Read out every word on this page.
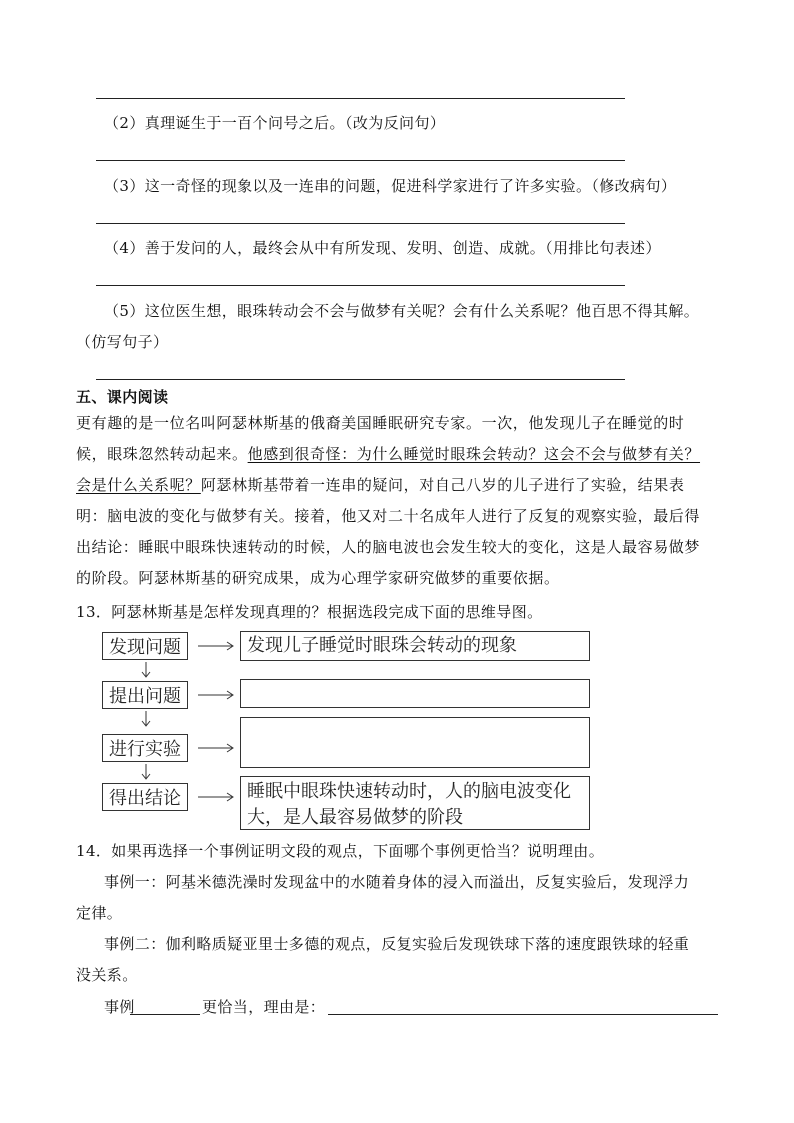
（2）真理诞生于一百个问号之后。（改为反问句）
（3）这一奇怪的现象以及一连串的问题，促进科学家进行了许多实验。（修改病句）
（4）善于发问的人，最终会从中有所发现、发明、创造、成就。（用排比句表述）
（5）这位医生想，眼珠转动会不会与做梦有关呢？会有什么关系呢？他百思不得其解。
（仿写句子）
五、课内阅读
更有趣的是一位名叫阿瑟林斯基的俄裔美国睡眠研究专家。一次，他发现儿子在睡觉的时
候，眼珠忽然转动起来。他感到很奇怪：为什么睡觉时眼珠会转动？这会不会与做梦有关？
会是什么关系呢？阿瑟林斯基带着一连串的疑问，对自己八岁的儿子进行了实验，结果表
明：脑电波的变化与做梦有关。接着，他又对二十名成年人进行了反复的观察实验，最后得
出结论：睡眠中眼珠快速转动的时候，人的脑电波也会发生较大的变化，这是人最容易做梦
的阶段。阿瑟林斯基的研究成果，成为心理学家研究做梦的重要依据。
13．阿瑟林斯基是怎样发现真理的？根据选段完成下面的思维导图。
发现问题	发现儿子睡觉时眼珠会转动的现象
提出问题
进行实验
得出结论	睡眠中眼珠快速转动时，人的脑电波变化大，是人最容易做梦的阶段
14．如果再选择一个事例证明文段的观点，下面哪个事例更恰当？说明理由。
事例一：阿基米德洗澡时发现盆中的水随着身体的浸入而溢出，反复实验后，发现浮力
定律。
事例二：伽利略质疑亚里士多德的观点，反复实验后发现铁球下落的速度跟铁球的轻重
没关系。
事例	更恰当，理由是：
